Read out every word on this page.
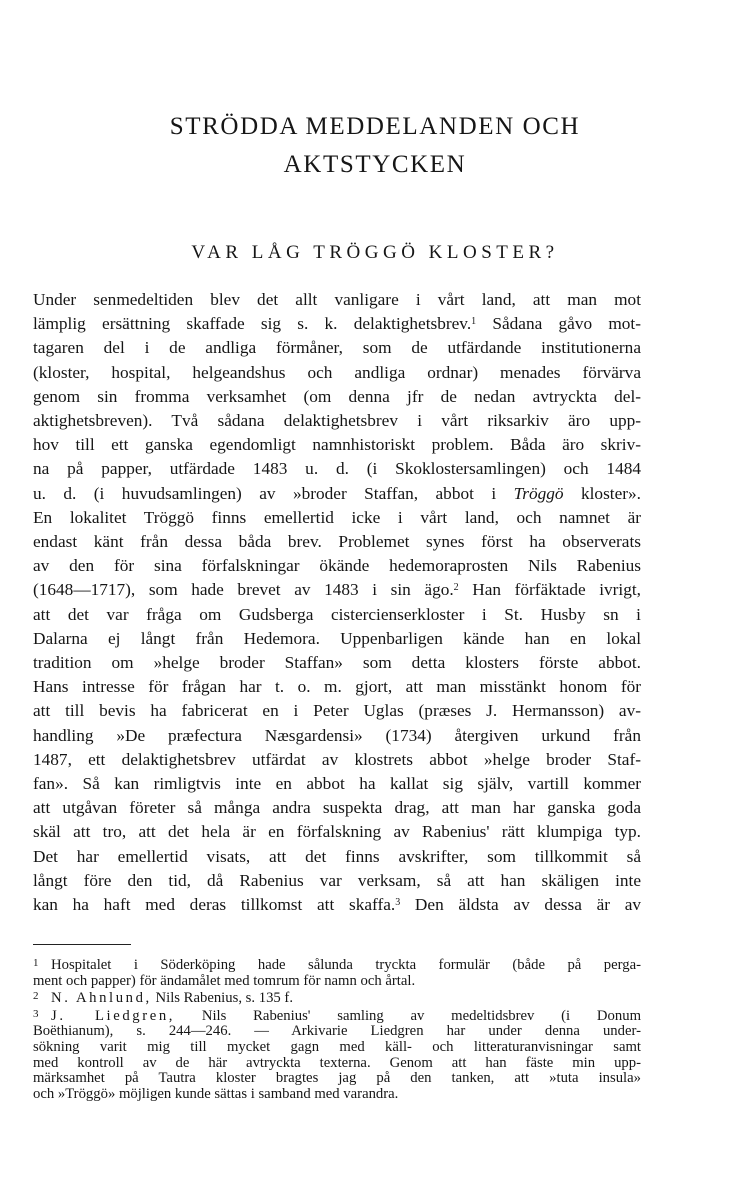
STRÖDDA MEDDELANDEN OCH
AKTSTYCKEN
VAR LÅG TRÖGGÖ KLOSTER?
Under senmedeltiden blev det allt vanligare i vårt land, att man mot
lämplig ersättning skaffade sig s. k. delaktighetsbrev.$^1$ Sådana gåvo mot-
tagaren del i de andliga förmåner, som de utfärdande institutionerna
(kloster, hospital, helgeandshus och andliga ordnar) menades förvärva
genom sin fromma verksamhet (om denna jfr de nedan avtryckta del-
aktighetsbreven). Två sådana delaktighetsbrev i vårt riksarkiv äro upp-
hov till ett ganska egendomligt namnhistoriskt problem. Båda äro skriv-
na på papper, utfärdade 1483 u. d. (i Skoklostersamlingen) och 1484
u. d. (i huvudsamlingen) av »broder Staffan, abbot i Tröggö kloster».
En lokalitet Tröggö finns emellertid icke i vårt land, och namnet är
endast känt från dessa båda brev. Problemet synes först ha observerats
av den för sina förfalskningar ökände hedemoraprosten Nils Rabenius
(1648—1717), som hade brevet av 1483 i sin ägo.$^2$ Han förfäktade ivrigt,
att det var fråga om Gudsberga cistercienserkloster i St. Husby sn i
Dalarna ej långt från Hedemora. Uppenbarligen kände han en lokal
tradition om »helge broder Staffan» som detta klosters förste abbot.
Hans intresse för frågan har t. o. m. gjort, att man misstänkt honom för
att till bevis ha fabricerat en i Peter Uglas (præses J. Hermansson) av-
handling »De præfectura Næsgardensi» (1734) återgiven urkund från
1487, ett delaktighetsbrev utfärdat av klostrets abbot »helge broder Staf-
fan». Så kan rimligtvis inte en abbot ha kallat sig själv, vartill kommer
att utgåvan företer så många andra suspekta drag, att man har ganska goda
skäl att tro, att det hela är en förfalskning av Rabenius' rätt klumpiga typ.
Det har emellertid visats, att det finns avskrifter, som tillkommit så
långt före den tid, då Rabenius var verksam, så att han skäligen inte
kan ha haft med deras tillkomst att skaffa.$^3$ Den äldsta av dessa är av
1 Hospitalet i Söderköping hade sålunda tryckta formulär (både på perga-
ment och papper) för ändamålet med tomrum för namn och årtal.
2 N. Ahnlund, Nils Rabenius, s. 135 f.
3 J. Liedgren, Nils Rabenius' samling av medeltidsbrev (i Donum
Boëthianum), s. 244—246. — Arkivarie Liedgren har under denna under-
sökning varit mig till mycket gagn med käll- och litteraturanvisningar samt
med kontroll av de här avtryckta texterna. Genom att han fäste min upp-
märksamhet på Tautra kloster bragtes jag på den tanken, att »tuta insula»
och »Tröggö» möjligen kunde sättas i samband med varandra.
